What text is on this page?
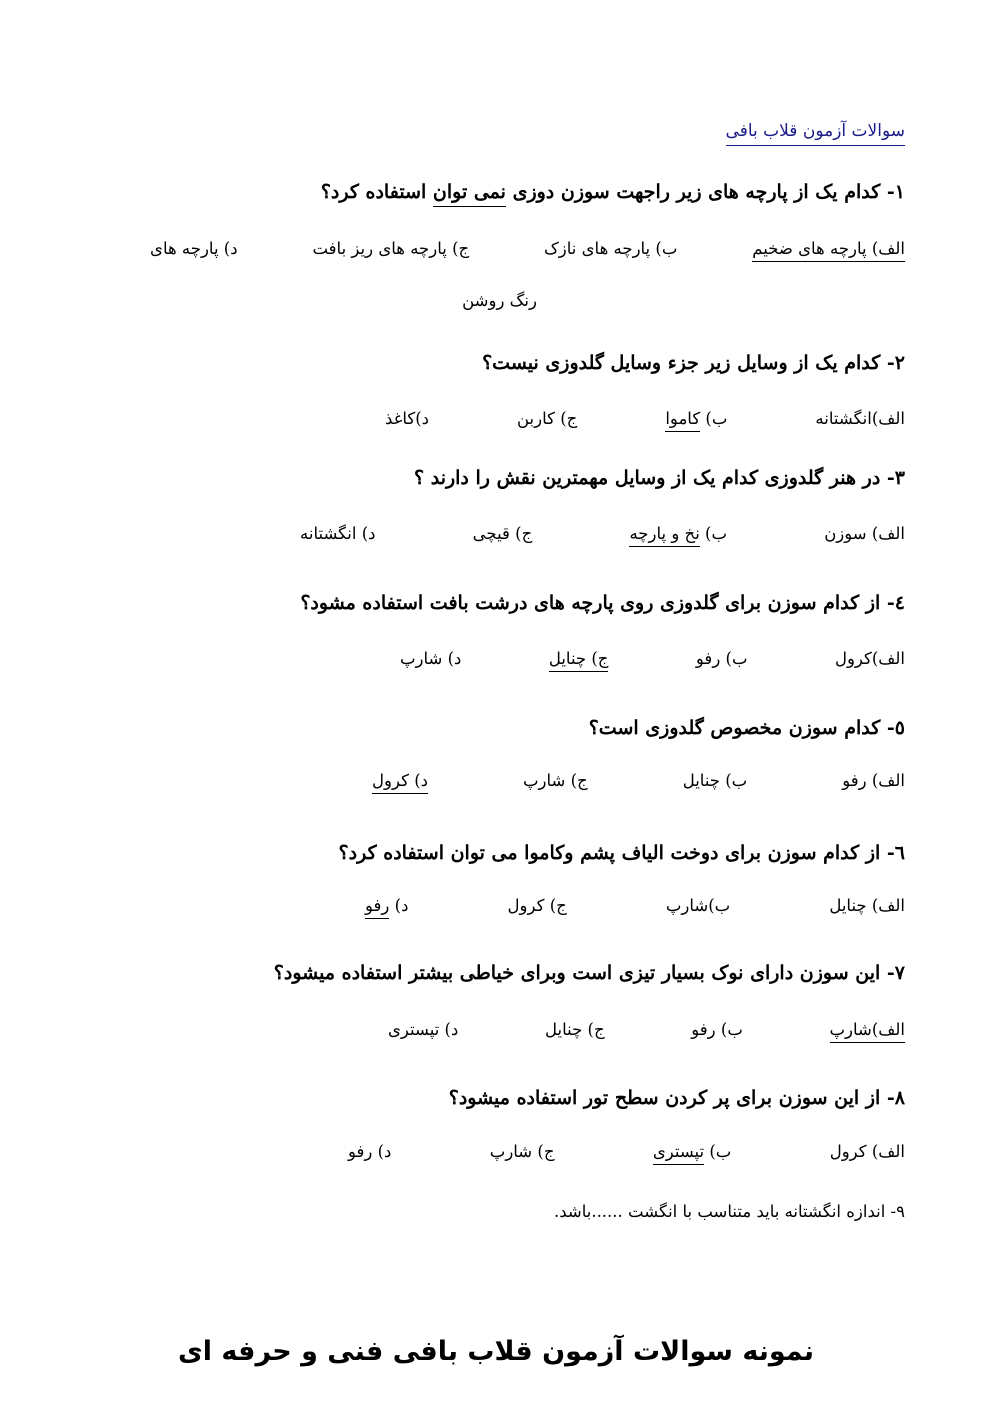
سوالات آزمون قلاب بافی
١- کدام یک از پارچه های زیر راجهت سوزن دوزی نمی توان استفاده کرد؟
الف) پارچه های ضخیم
ب) پارچه های نازک
ج) پارچه های ریز بافت
د) پارچه های
رنگ روشن
٢- کدام یک از وسایل زیر جزء وسایل گلدوزی نیست؟
الف)انگشتانه
ب) کاموا
ج) کاربن
د)کاغذ
٣- در هنر گلدوزی کدام یک از وسایل مهمترین نقش را دارند ؟
الف) سوزن
ب) نخ و پارچه
ج) قیچی
د) انگشتانه
٤- از کدام سوزن برای گلدوزی روی پارچه های درشت بافت استفاده مشود؟
الف)کرول
ب) رفو
ج) چنایل
د) شارپ
٥- کدام سوزن مخصوص گلدوزی است؟
الف) رفو
ب) چنایل
ج) شارپ
د) کرول
٦- از کدام سوزن برای دوخت الیاف پشم وکاموا می توان استفاده کرد؟
الف) چنایل
ب)شارپ
ج) کرول
د) رفو
٧- این سوزن دارای نوک بسیار تیزی است وبرای خیاطی بیشتر استفاده میشود؟
الف)شارپ
ب) رفو
ج) چنایل
د) تپستری
٨- از این سوزن برای پر کردن سطح تور استفاده میشود؟
الف) کرول
ب) تپستری
ج) شارپ
د) رفو
٩- اندازه انگشتانه باید متناسب با انگشت ......باشد.
نمونه سوالات آزمون قلاب بافی فنی و حرفه ای
